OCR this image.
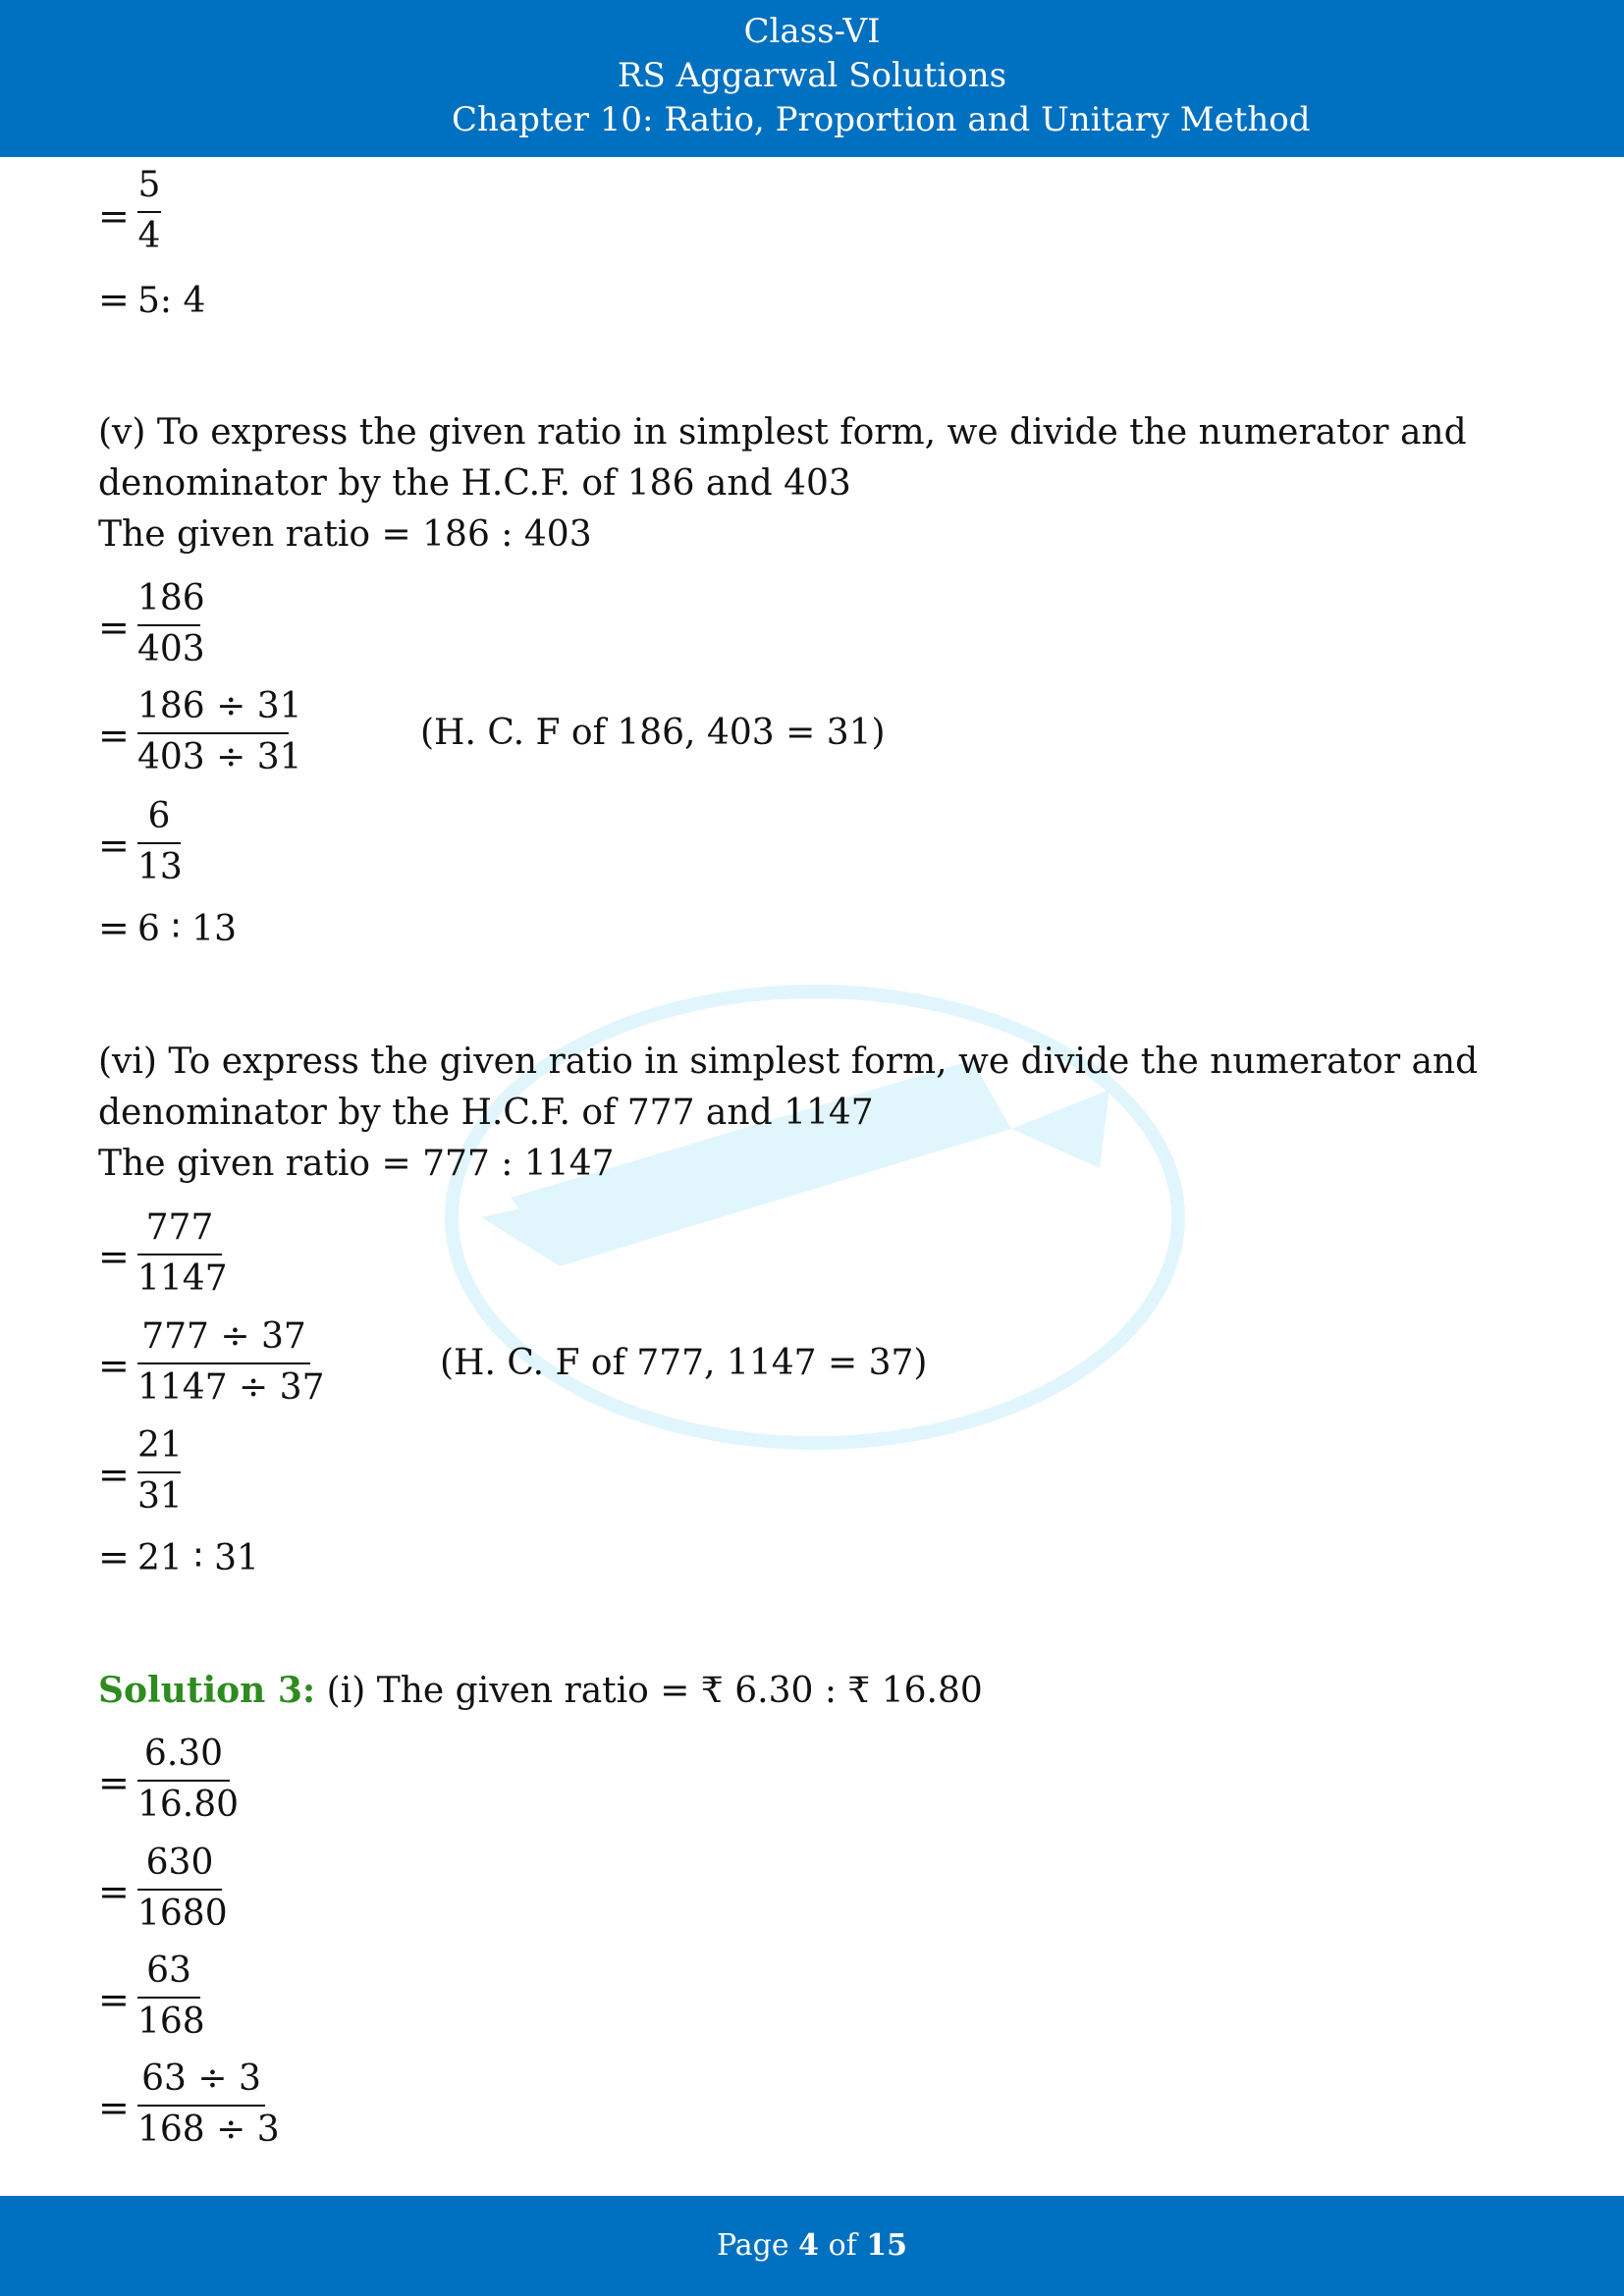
Class-VI
RS Aggarwal Solutions
Chapter 10: Ratio, Proportion and Unitary Method
=
5
4
= 5: 4
(v) To express the given ratio in simplest form, we divide the numerator and
denominator by the H.C.F. of 186 and 403
The given ratio = 186 : 403
=
186
403
=
186 ÷ 31
403 ÷ 31
(H. C. F of 186, 403 = 31)
=
6
13
= 6 ∶ 13
(vi) To express the given ratio in simplest form, we divide the numerator and
denominator by the H.C.F. of 777 and 1147
The given ratio = 777 : 1147
=
777
1147
=
777 ÷ 37
1147 ÷ 37
(H. C. F of 777, 1147 = 37)
=
21
31
= 21 ∶ 31
Solution 3: (i) The given ratio = ₹ 6.30 : ₹ 16.80
=
6.30
16.80
=
630
1680
=
63
168
=
63 ÷ 3
168 ÷ 3
Page 4 of 15
